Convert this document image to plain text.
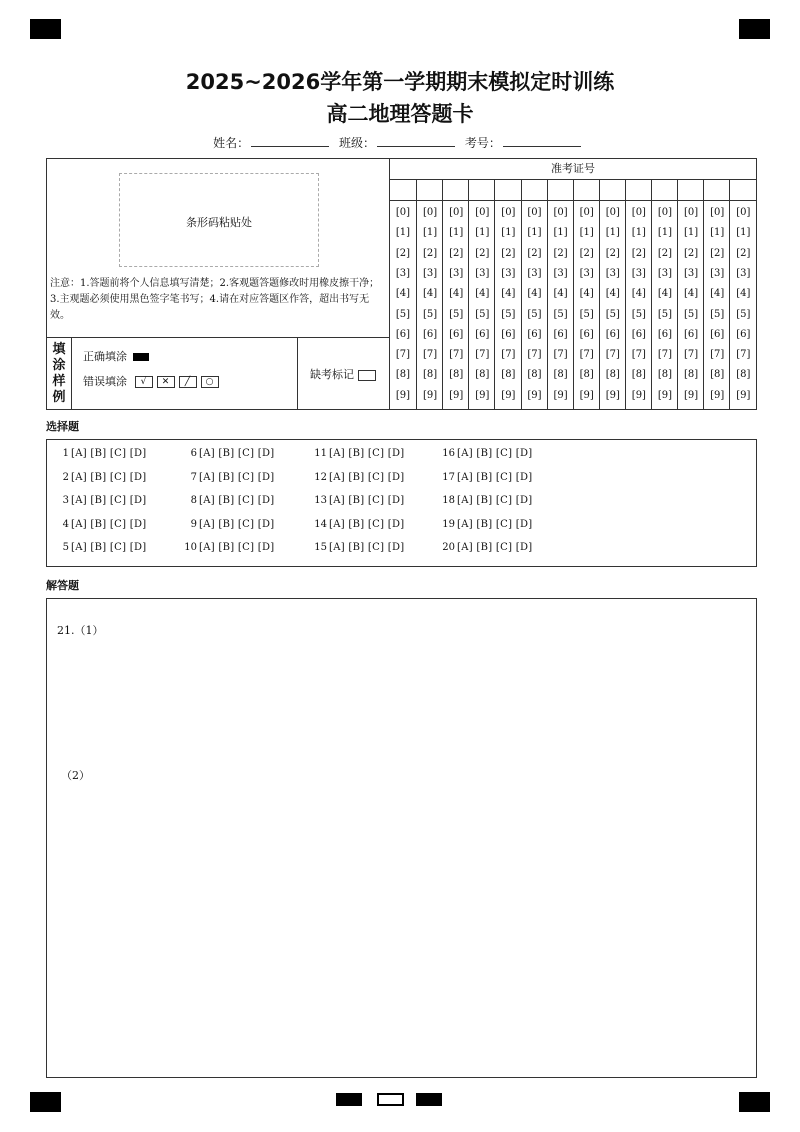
2025~2026学年第一学期期末模拟定时训练
高二地理答题卡
姓名：	班级：	考号：
条形码粘贴处
注意：1.答题前将个人信息填写清楚；2.客观题答题修改时用橡皮擦干净；3.主观题必须使用黑色签字笔书写；4.请在对应答题区作答，超出书写无效。
填
涂
样
例
正确填涂
错误填涂 √ ✕ ╱ ○
缺考标记
准考证号
[0]
[1]
[2]
[3]
[4]
[5]
[6]
[7]
[8]
[9]
[0]
[1]
[2]
[3]
[4]
[5]
[6]
[7]
[8]
[9]
[0]
[1]
[2]
[3]
[4]
[5]
[6]
[7]
[8]
[9]
[0]
[1]
[2]
[3]
[4]
[5]
[6]
[7]
[8]
[9]
[0]
[1]
[2]
[3]
[4]
[5]
[6]
[7]
[8]
[9]
[0]
[1]
[2]
[3]
[4]
[5]
[6]
[7]
[8]
[9]
[0]
[1]
[2]
[3]
[4]
[5]
[6]
[7]
[8]
[9]
[0]
[1]
[2]
[3]
[4]
[5]
[6]
[7]
[8]
[9]
[0]
[1]
[2]
[3]
[4]
[5]
[6]
[7]
[8]
[9]
[0]
[1]
[2]
[3]
[4]
[5]
[6]
[7]
[8]
[9]
[0]
[1]
[2]
[3]
[4]
[5]
[6]
[7]
[8]
[9]
[0]
[1]
[2]
[3]
[4]
[5]
[6]
[7]
[8]
[9]
[0]
[1]
[2]
[3]
[4]
[5]
[6]
[7]
[8]
[9]
[0]
[1]
[2]
[3]
[4]
[5]
[6]
[7]
[8]
[9]
选择题
1 [A] [B] [C] [D]
2 [A] [B] [C] [D]
3 [A] [B] [C] [D]
4 [A] [B] [C] [D]
5 [A] [B] [C] [D]
6 [A] [B] [C] [D]
7 [A] [B] [C] [D]
8 [A] [B] [C] [D]
9 [A] [B] [C] [D]
10 [A] [B] [C] [D]
11 [A] [B] [C] [D]
12 [A] [B] [C] [D]
13 [A] [B] [C] [D]
14 [A] [B] [C] [D]
15 [A] [B] [C] [D]
16 [A] [B] [C] [D]
17 [A] [B] [C] [D]
18 [A] [B] [C] [D]
19 [A] [B] [C] [D]
20 [A] [B] [C] [D]
解答题
21.（1）
（2）
